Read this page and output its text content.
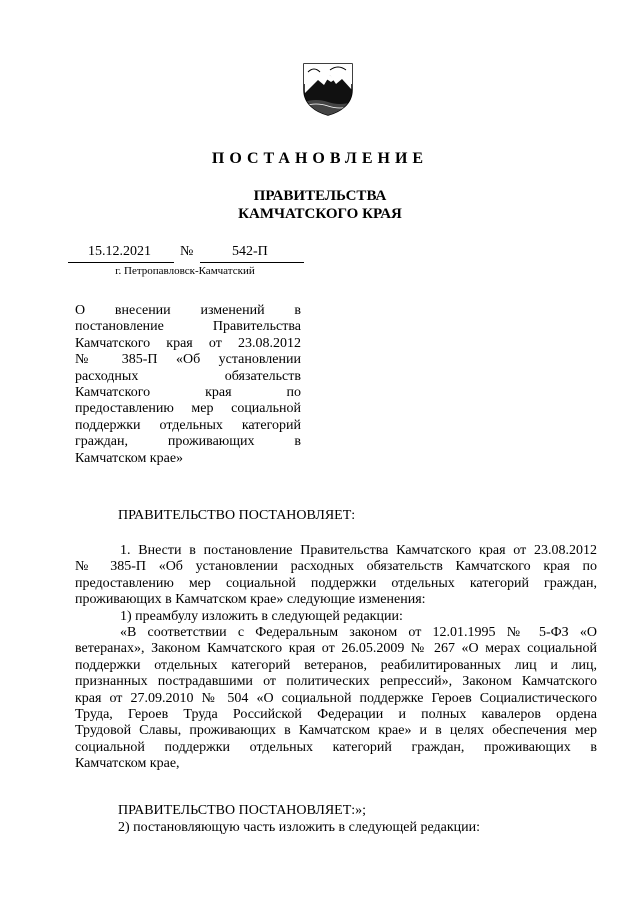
ПОСТАНОВЛЕНИЕ
ПРАВИТЕЛЬСТВА
КАМЧАТСКОГО КРАЯ
15.12.2021 №	542-П
г. Петропавловск-Камчатский
О внесении изменений в
постановление Правительства
Камчатского края от 23.08.2012
№ 385-П «Об установлении
расходных обязательств
Камчатского края по
предоставлению мер социальной
поддержки отдельных категорий
граждан, проживающих в
Камчатском крае»
ПРАВИТЕЛЬСТВО ПОСТАНОВЛЯЕТ:
1. Внести в постановление Правительства Камчатского края от 23.08.2012
№ 385-П «Об установлении расходных обязательств Камчатского края по
предоставлению мер социальной поддержки отдельных категорий граждан,
проживающих в Камчатском крае» следующие изменения:
1) преамбулу изложить в следующей редакции:
«В соответствии с Федеральным законом от 12.01.1995 № 5-ФЗ «О
ветеранах», Законом Камчатского края от 26.05.2009 № 267 «О мерах социальной
поддержки отдельных категорий ветеранов, реабилитированных лиц и лиц,
признанных пострадавшими от политических репрессий», Законом Камчатского
края от 27.09.2010 № 504 «О социальной поддержке Героев Социалистического
Труда, Героев Труда Российской Федерации и полных кавалеров ордена
Трудовой Славы, проживающих в Камчатском крае» и в целях обеспечения мер
социальной поддержки отдельных категорий граждан, проживающих в
Камчатском крае,
ПРАВИТЕЛЬСТВО ПОСТАНОВЛЯЕТ:»;
2) постановляющую часть изложить в следующей редакции:
